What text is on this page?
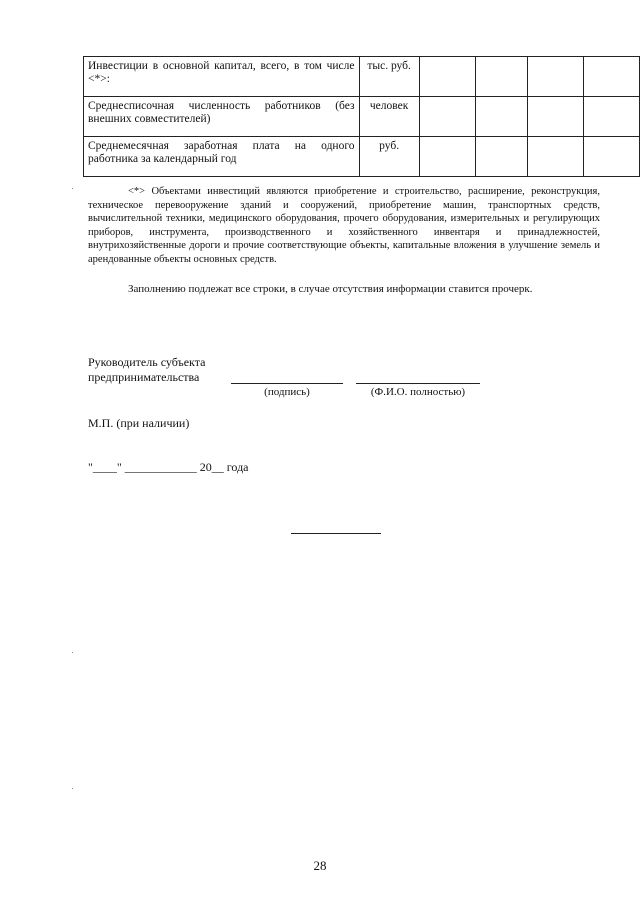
Инвестиции в основной капитал, всего, в том числе <*>:	тыс. руб.				
Среднесписочная численность работников (без внешних совместителей)	человек				
Среднемесячная заработная плата на одного работника за календарный год	руб.				

<*> Объектами инвестиций являются приобретение и строительство, расширение, реконструкция, техническое перевооружение зданий и сооружений, приобретение машин, транспортных средств, вычислительной техники, медицинского оборудования, прочего оборудования, измерительных и регулирующих приборов, инструмента, производственного и хозяйственного инвентаря и принадлежностей, внутрихозяйственные дороги и прочие соответствующие объекты, капитальные вложения в улучшение земель и арендованные объекты основных средств.

Заполнению подлежат все строки, в случае отсутствия информации ставится прочерк.

Руководитель субъекта
предпринимательства
(подпись)	(Ф.И.О. полностью)
М.П. (при наличии)
"____" ____________ 20__ года
28
